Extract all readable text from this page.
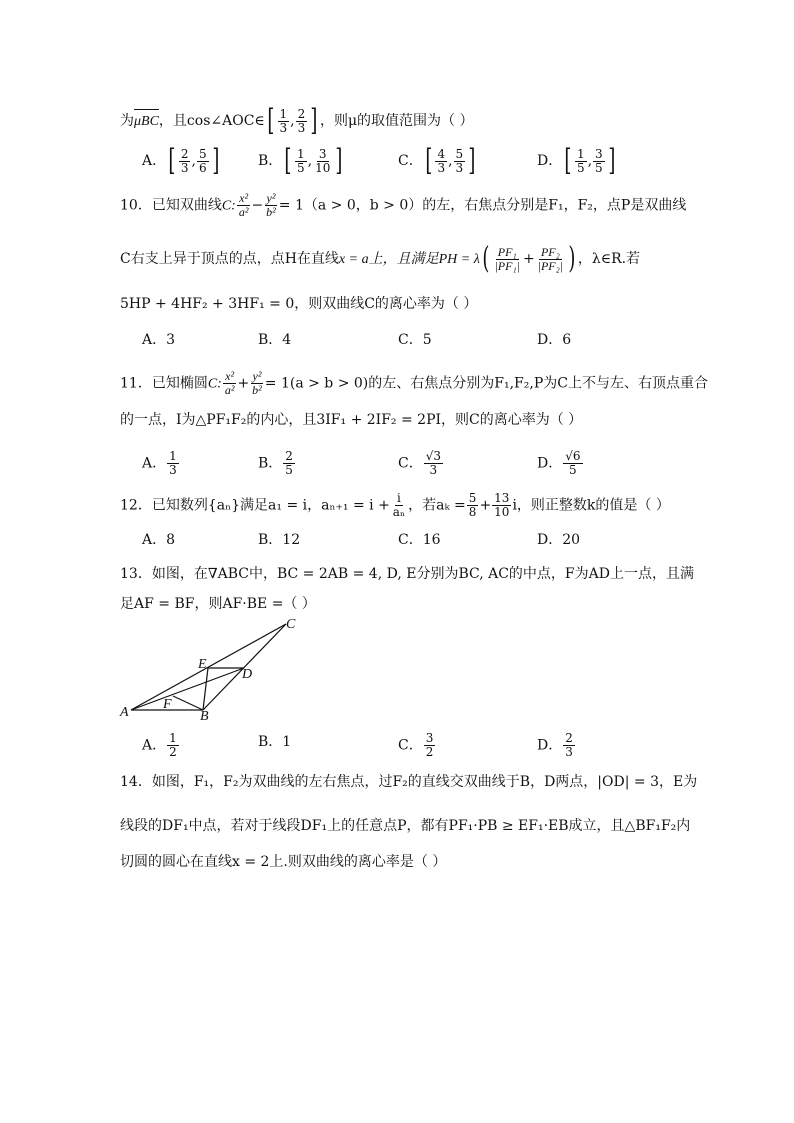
为μBC，且cos∠AOC∈[ $\frac{1}{3}$ , $\frac{2}{3}$ ] ，则μ的取值范围为（ ）
A．[ $\frac{2}{3}$ , $\frac{5}{6}$ ]	B．[ $\frac{1}{5}$ , $\frac{3}{10}$ ]	C．[ $\frac{4}{3}$ , $\frac{5}{3}$ ]	D．[ $\frac{1}{5}$ , $\frac{3}{5}$ ]
10．已知双曲线C: $\frac{\text{x²}}{\text{a²}} - \frac{\text{y²}}{\text{b²}} = 1(a > 0$，b > 0）的左，右焦点分别是F₁，F₂，点P是双曲线
C右支上异于顶点的点，点H在直线x = a上，且满足PH = $\lambda( \frac{\text{PF₁}}{\text{|PF₁|}} + \frac{\text{PF₂}}{\text{|PF₂|}}$ ) ，λ∈R.若
5HP + 4HF₂ + 3HF₁ = 0，则双曲线C的离心率为（ ）
A．3	B．4	C．5	D．6
11．已知椭圆C: $\frac{\text{x²}}{\text{a²}} + \frac{\text{y²}}{\text{b²}} = 1(a > b > 0)$的左、右焦点分别为F₁,F₂,P为C上不与左、右顶点重合
的一点，I为△PF₁F₂的内心，且3IF₁ + 2IF₂ = 2PI，则C的离心率为（ ）
A． $\frac{1}{3}$	B． $\frac{2}{5}$	C． $\frac{√3}{3}$	D． $\frac{√6}{5}$
12．已知数列{aₙ}满足a₁ = i，$a_{n+1} = i + \frac{i}{\text{aₙ}}$ ，若$a_k = \frac{5}{8} + \frac{13}{10}$ i，则正整数k的值是（ ）
A．8	B．12	C．16	D．20
13．如图，在∇ABC中，BC = 2AB = 4, D, E分别为BC, AC的中点，F为AD上一点，且满
足AF = BF，则AF·BE =（ ）
A	B
C
D
E
F
A． $\frac{1}{2}$	B．1	C． $\frac{3}{2}$	D． $\frac{2}{3}$
14．如图，F₁，F₂为双曲线的左右焦点，过F₂的直线交双曲线于B，D两点，|OD| = 3，E为
线段的DF₁中点，若对于线段DF₁上的任意点P，都有PF₁·PB ≥ EF₁·EB成立，且△BF₁F₂内
切圆的圆心在直线x = 2上.则双曲线的离心率是（ ）
